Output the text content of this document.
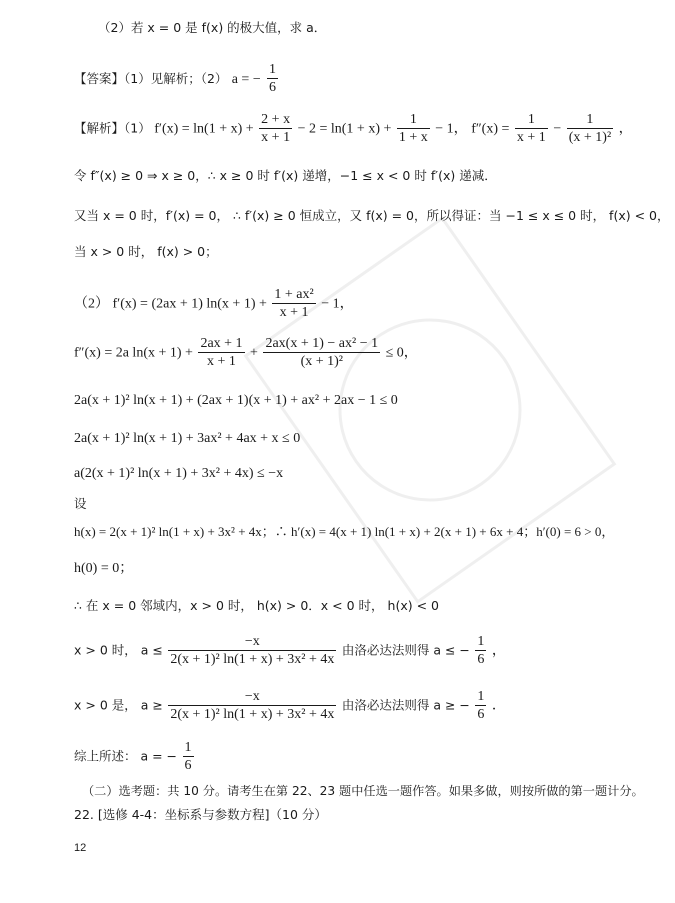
（2）若 x = 0 是 f(x) 的极大值，求 a．
【答案】（1）见解析；（2） a = − $\frac{1}{6}$
【解析】（1） $f'(x) = \ln(1 + x) + \frac{2 + x}{x + 1} - 2 = \ln(1 + x) + \frac{1}{1 + x} - 1$， $f''(x) = \frac{1}{x + 1} - \frac{1}{\text{(x + 1)²}}$ ，
令 f″(x) ≥ 0 ⇒ x ≥ 0，∴ x ≥ 0 时 f′(x) 递增，−1 ≤ x < 0 时 f′(x) 递减．
又当 x = 0 时，f′(x) = 0， ∴ f′(x) ≥ 0 恒成立，又 f(x) = 0，所以得证：当 −1 ≤ x ≤ 0 时， f(x) < 0，
当 x > 0 时， f(x) > 0；
（2） f′(x) = (2ax + 1) $\ln(x + 1) + \frac{\text{1 + ax²}}{x + 1} - 1$，
f″(x) = 2a $\ln(x + 1) + \frac{2ax + 1}{x + 1} + \frac{\text{2ax(x + 1) − ax² − 1}}{\text{(x + 1)²}} \le 0$，
2a(x + 1)² ln(x + 1) + (2ax + 1)(x + 1) + ax² + 2ax − 1 ≤ 0
2a(x + 1)² ln(x + 1) + 3ax² + 4ax + x ≤ 0
a(2(x + 1)² ln(x + 1) + 3x² + 4x) ≤ −x
设
h(x) = 2(x + 1)² ln(1 + x) + 3x² + 4x；∴ h′(x) = 4(x + 1) ln(1 + x) + 2(x + 1) + 6x + 4；h′(0) = 6 > 0，
h(0) = 0；
∴ 在 x = 0 邻域内，x > 0 时， h(x) > 0．x < 0 时， h(x) < 0
x > 0 时， $a \le \frac{-x}{\text{2(x + 1)² ln(1 + x) + 3x² + 4x}}$ 由洛必达法则得 a ≤ − $\frac{1}{6}$ ，
x > 0 是， $a \ge \frac{-x}{\text{2(x + 1)² ln(1 + x) + 3x² + 4x}}$ 由洛必达法则得 a ≥ − $\frac{1}{6}$ ．
综上所述： a = − $\frac{1}{6}$
（二）选考题：共 10 分。请考生在第 22、23 题中任选一题作答。如果多做，则按所做的第一题计分。
22. [选修 4-4：坐标系与参数方程]（10 分）
12
